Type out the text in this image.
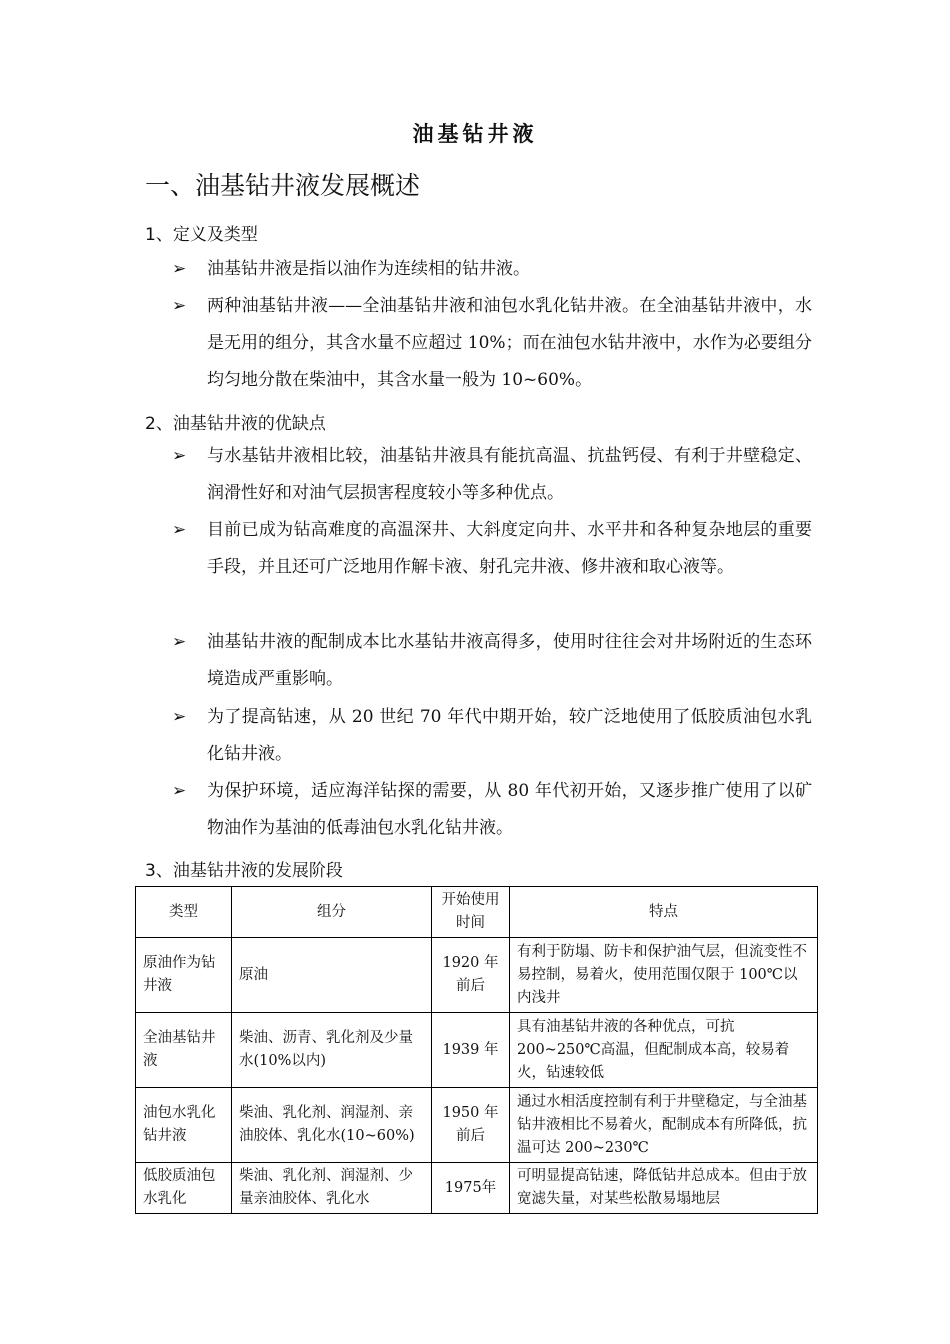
油基钻井液
一、油基钻井液发展概述
1、定义及类型
➢	油基钻井液是指以油作为连续相的钻井液。
➢	两种油基钻井液——全油基钻井液和油包水乳化钻井液。在全油基钻井液中，水是无用的组分，其含水量不应超过 10%；而在油包水钻井液中，水作为必要组分均匀地分散在柴油中，其含水量一般为 10~60%。
2、油基钻井液的优缺点
➢	与水基钻井液相比较，油基钻井液具有能抗高温、抗盐钙侵、有利于井壁稳定、润滑性好和对油气层损害程度较小等多种优点。
➢	目前已成为钻高难度的高温深井、大斜度定向井、水平井和各种复杂地层的重要手段，并且还可广泛地用作解卡液、射孔完井液、修井液和取心液等。
➢	油基钻井液的配制成本比水基钻井液高得多，使用时往往会对井场附近的生态环境造成严重影响。
➢	为了提高钻速，从 20 世纪 70 年代中期开始，较广泛地使用了低胶质油包水乳化钻井液。
➢	为保护环境，适应海洋钻探的需要，从 80 年代初开始，又逐步推广使用了以矿物油作为基油的低毒油包水乳化钻井液。
3、油基钻井液的发展阶段
类型	组分	开始使用时间	特点
原油作为钻井液	原油	1920 年前后	有利于防塌、防卡和保护油气层，但流变性不易控制，易着火，使用范围仅限于 100℃以内浅井
全油基钻井液	柴油、沥青、乳化剂及少量水(10%以内)	1939 年	具有油基钻井液的各种优点，可抗 200~250℃高温，但配制成本高，较易着火，钻速较低
油包水乳化钻井液	柴油、乳化剂、润湿剂、亲油胶体、乳化水(10~60%)	1950 年前后	通过水相活度控制有利于井壁稳定，与全油基钻井液相比不易着火，配制成本有所降低，抗温可达 200~230℃
低胶质油包水乳化	柴油、乳化剂、润湿剂、少量亲油胶体、乳化水	1975年	可明显提高钻速，降低钻井总成本。但由于放宽滤失量，对某些松散易塌地层
